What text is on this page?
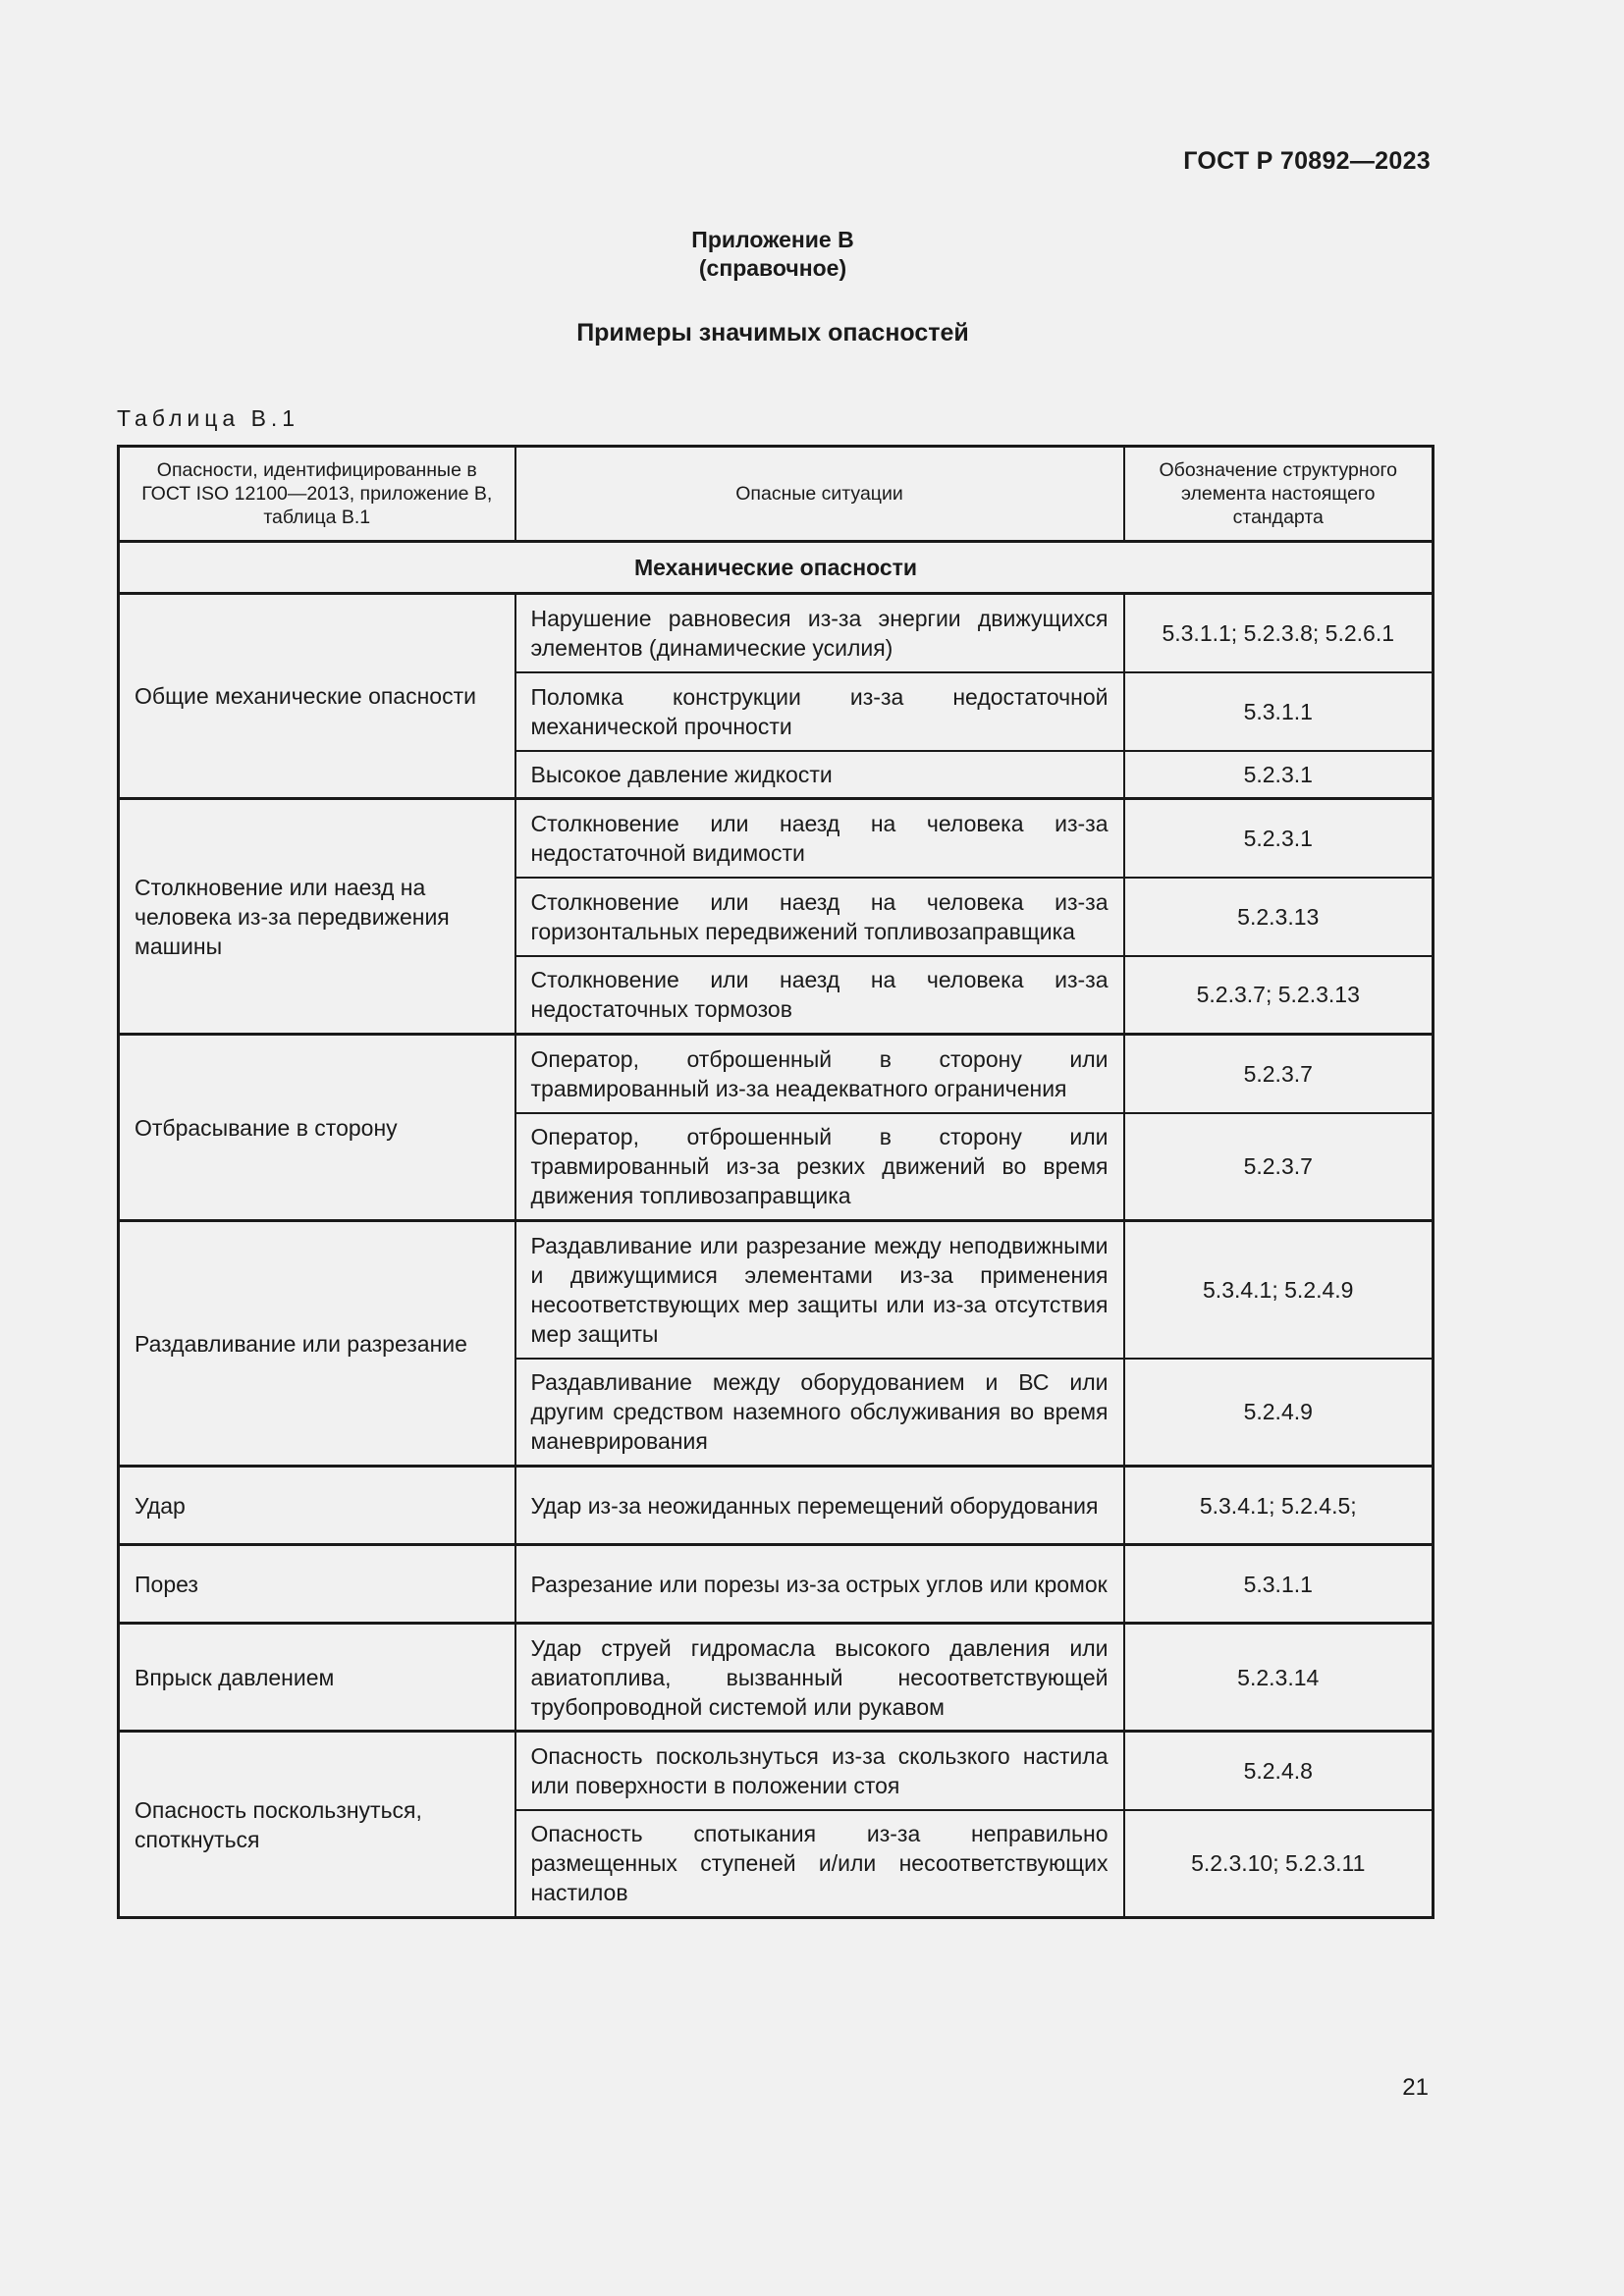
ГОСТ Р 70892—2023
Приложение В
(справочное)
Примеры значимых опасностей
Таблица В.1
Опасности, идентифицированные в ГОСТ ISO 12100—2013, приложение В, таблица В.1	Опасные ситуации	Обозначение структурного элемента настоящего стандарта
Механические опасности		
Общие механические опасности	Нарушение равновесия из-за энергии движущихся элементов (динамические усилия)	5.3.1.1; 5.2.3.8; 5.2.6.1
	Поломка конструкции из-за недостаточной механической прочности	5.3.1.1
	Высокое давление жидкости	5.2.3.1
Столкновение или наезд на человека из-за передвижения машины	Столкновение или наезд на человека из-за недостаточной видимости	5.2.3.1
	Столкновение или наезд на человека из-за горизонтальных передвижений топливозаправщика	5.2.3.13
	Столкновение или наезд на человека из-за недостаточных тормозов	5.2.3.7; 5.2.3.13
Отбрасывание в сторону	Оператор, отброшенный в сторону или травмированный из-за неадекватного ограничения	5.2.3.7
	Оператор, отброшенный в сторону или травмированный из-за резких движений во время движения топливозаправщика	5.2.3.7
Раздавливание или разрезание	Раздавливание или разрезание между неподвижными и движущимися элементами из-за применения несоответствующих мер защиты или из-за отсутствия мер защиты	5.3.4.1; 5.2.4.9
	Раздавливание между оборудованием и ВС или другим средством наземного обслуживания во время маневрирования	5.2.4.9
Удар	Удар из-за неожиданных перемещений оборудования	5.3.4.1; 5.2.4.5;
Порез	Разрезание или порезы из-за острых углов или кромок	5.3.1.1
Впрыск давлением	Удар струей гидромасла высокого давления или авиатоплива, вызванный несоответствующей трубопроводной системой или рукавом	5.2.3.14
Опасность поскользнуться, споткнуться	Опасность поскользнуться из-за скользкого настила или поверхности в положении стоя	5.2.4.8
	Опасность спотыкания из-за неправильно размещенных ступеней и/или несоответствующих настилов	5.2.3.10; 5.2.3.11
21
